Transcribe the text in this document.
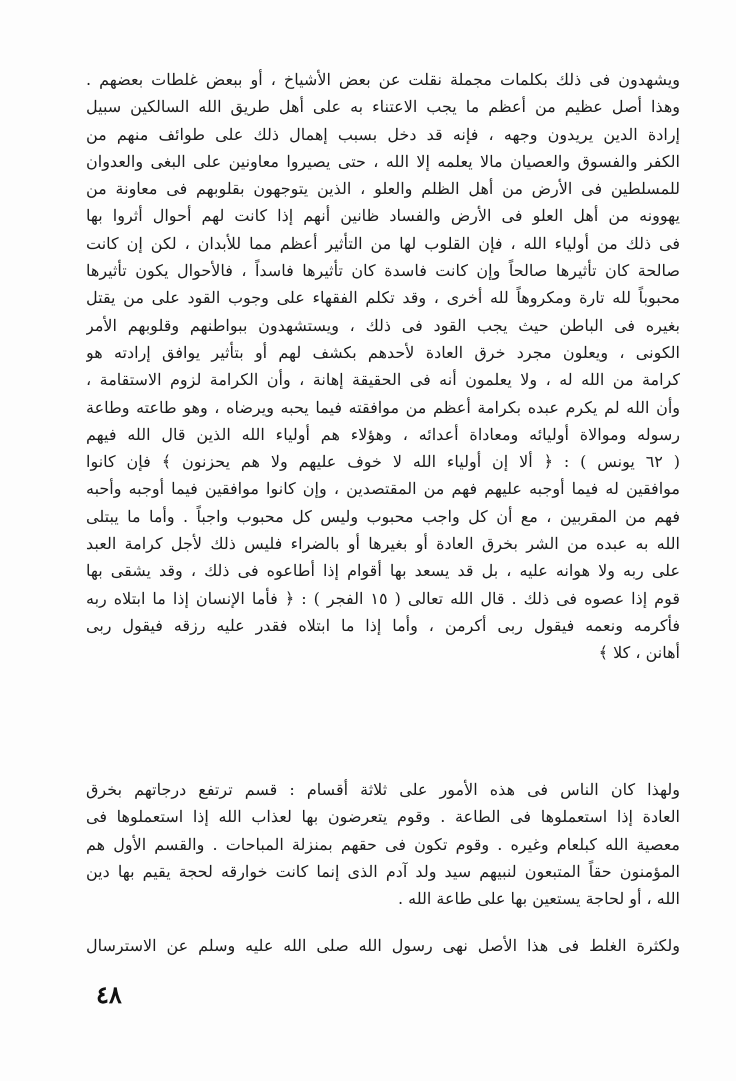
ويشهدون فى ذلك بكلمات مجملة نقلت عن بعض الأشياخ ، أو ببعض غلطات بعضهم .
وهذا أصل عظيم من أعظم ما يجب الاعتناء به على أهل طريق الله السالكين سبيل
إرادة الدين يريدون وجهه ، فإنه قد دخل بسبب إهمال ذلك على طوائف منهم من
الكفر والفسوق والعصيان مالا يعلمه إلا الله ، حتى يصيروا معاونين على البغى والعدوان
للمسلطين فى الأرض من أهل الظلم والعلو ، الذين يتوجهون بقلوبهم فى معاونة من
يهوونه من أهل العلو فى الأرض والفساد ظانين أنهم إذا كانت لهم أحوال أثروا بها
فى ذلك من أولياء الله ، فإن القلوب لها من التأثير أعظم مما للأبدان ، لكن إن كانت
صالحة كان تأثيرها صالحاً وإن كانت فاسدة كان تأثيرها فاسداً ، فالأحوال يكون تأثيرها
محبوباً لله تارة ومكروهاً لله أخرى ، وقد تكلم الفقهاء على وجوب القود على من يقتل
بغيره فى الباطن حيث يجب القود فى ذلك ، ويستشهدون ببواطنهم وقلوبهم الأمر
الكونى ، ويعلون مجرد خرق العادة لأحدهم بكشف لهم أو بتأثير يوافق إرادته هو
كرامة من الله له ، ولا يعلمون أنه فى الحقيقة إهانة ، وأن الكرامة لزوم الاستقامة ،
وأن الله لم يكرم عبده بكرامة أعظم من موافقته فيما يحبه ويرضاه ، وهو طاعته وطاعة
رسوله وموالاة أوليائه ومعاداة أعدائه ، وهؤلاء هم أولياء الله الذين قال الله فيهم
( ٦٢ يونس ) : ﴿ ألا إن أولياء الله لا خوف عليهم ولا هم يحزنون ﴾ فإن كانوا
موافقين له فيما أوجبه عليهم فهم من المقتصدين ، وإن كانوا موافقين فيما أوجبه وأحبه
فهم من المقربين ، مع أن كل واجب محبوب وليس كل محبوب واجباً . وأما ما يبتلى
الله به عبده من الشر بخرق العادة أو بغيرها أو بالضراء فليس ذلك لأجل كرامة العبد
على ربه ولا هوانه عليه ، بل قد يسعد بها أقوام إذا أطاعوه فى ذلك ، وقد يشقى بها
قوم إذا عصوه فى ذلك . قال الله تعالى ( ١٥ الفجر ) : ﴿ فأما الإنسان إذا ما ابتلاه ربه
فأكرمه ونعمه فيقول ربى أكرمن ، وأما إذا ما ابتلاه فقدر عليه رزقه فيقول ربى
أهانن ، كلا ﴾
ولهذا كان الناس فى هذه الأمور على ثلاثة أقسام : قسم ترتفع درجاتهم بخرق
العادة إذا استعملوها فى الطاعة . وقوم يتعرضون بها لعذاب الله إذا استعملوها فى
معصية الله كبلعام وغيره . وقوم تكون فى حقهم بمنزلة المباحات . والقسم الأول هم
المؤمنون حقاً المتبعون لنبيهم سيد ولد آدم الذى إنما كانت خوارقه لحجة يقيم بها دين
الله ، أو لحاجة يستعين بها على طاعة الله .
ولكثرة الغلط فى هذا الأصل نهى رسول الله صلى الله عليه وسلم عن الاسترسال
٤٨
